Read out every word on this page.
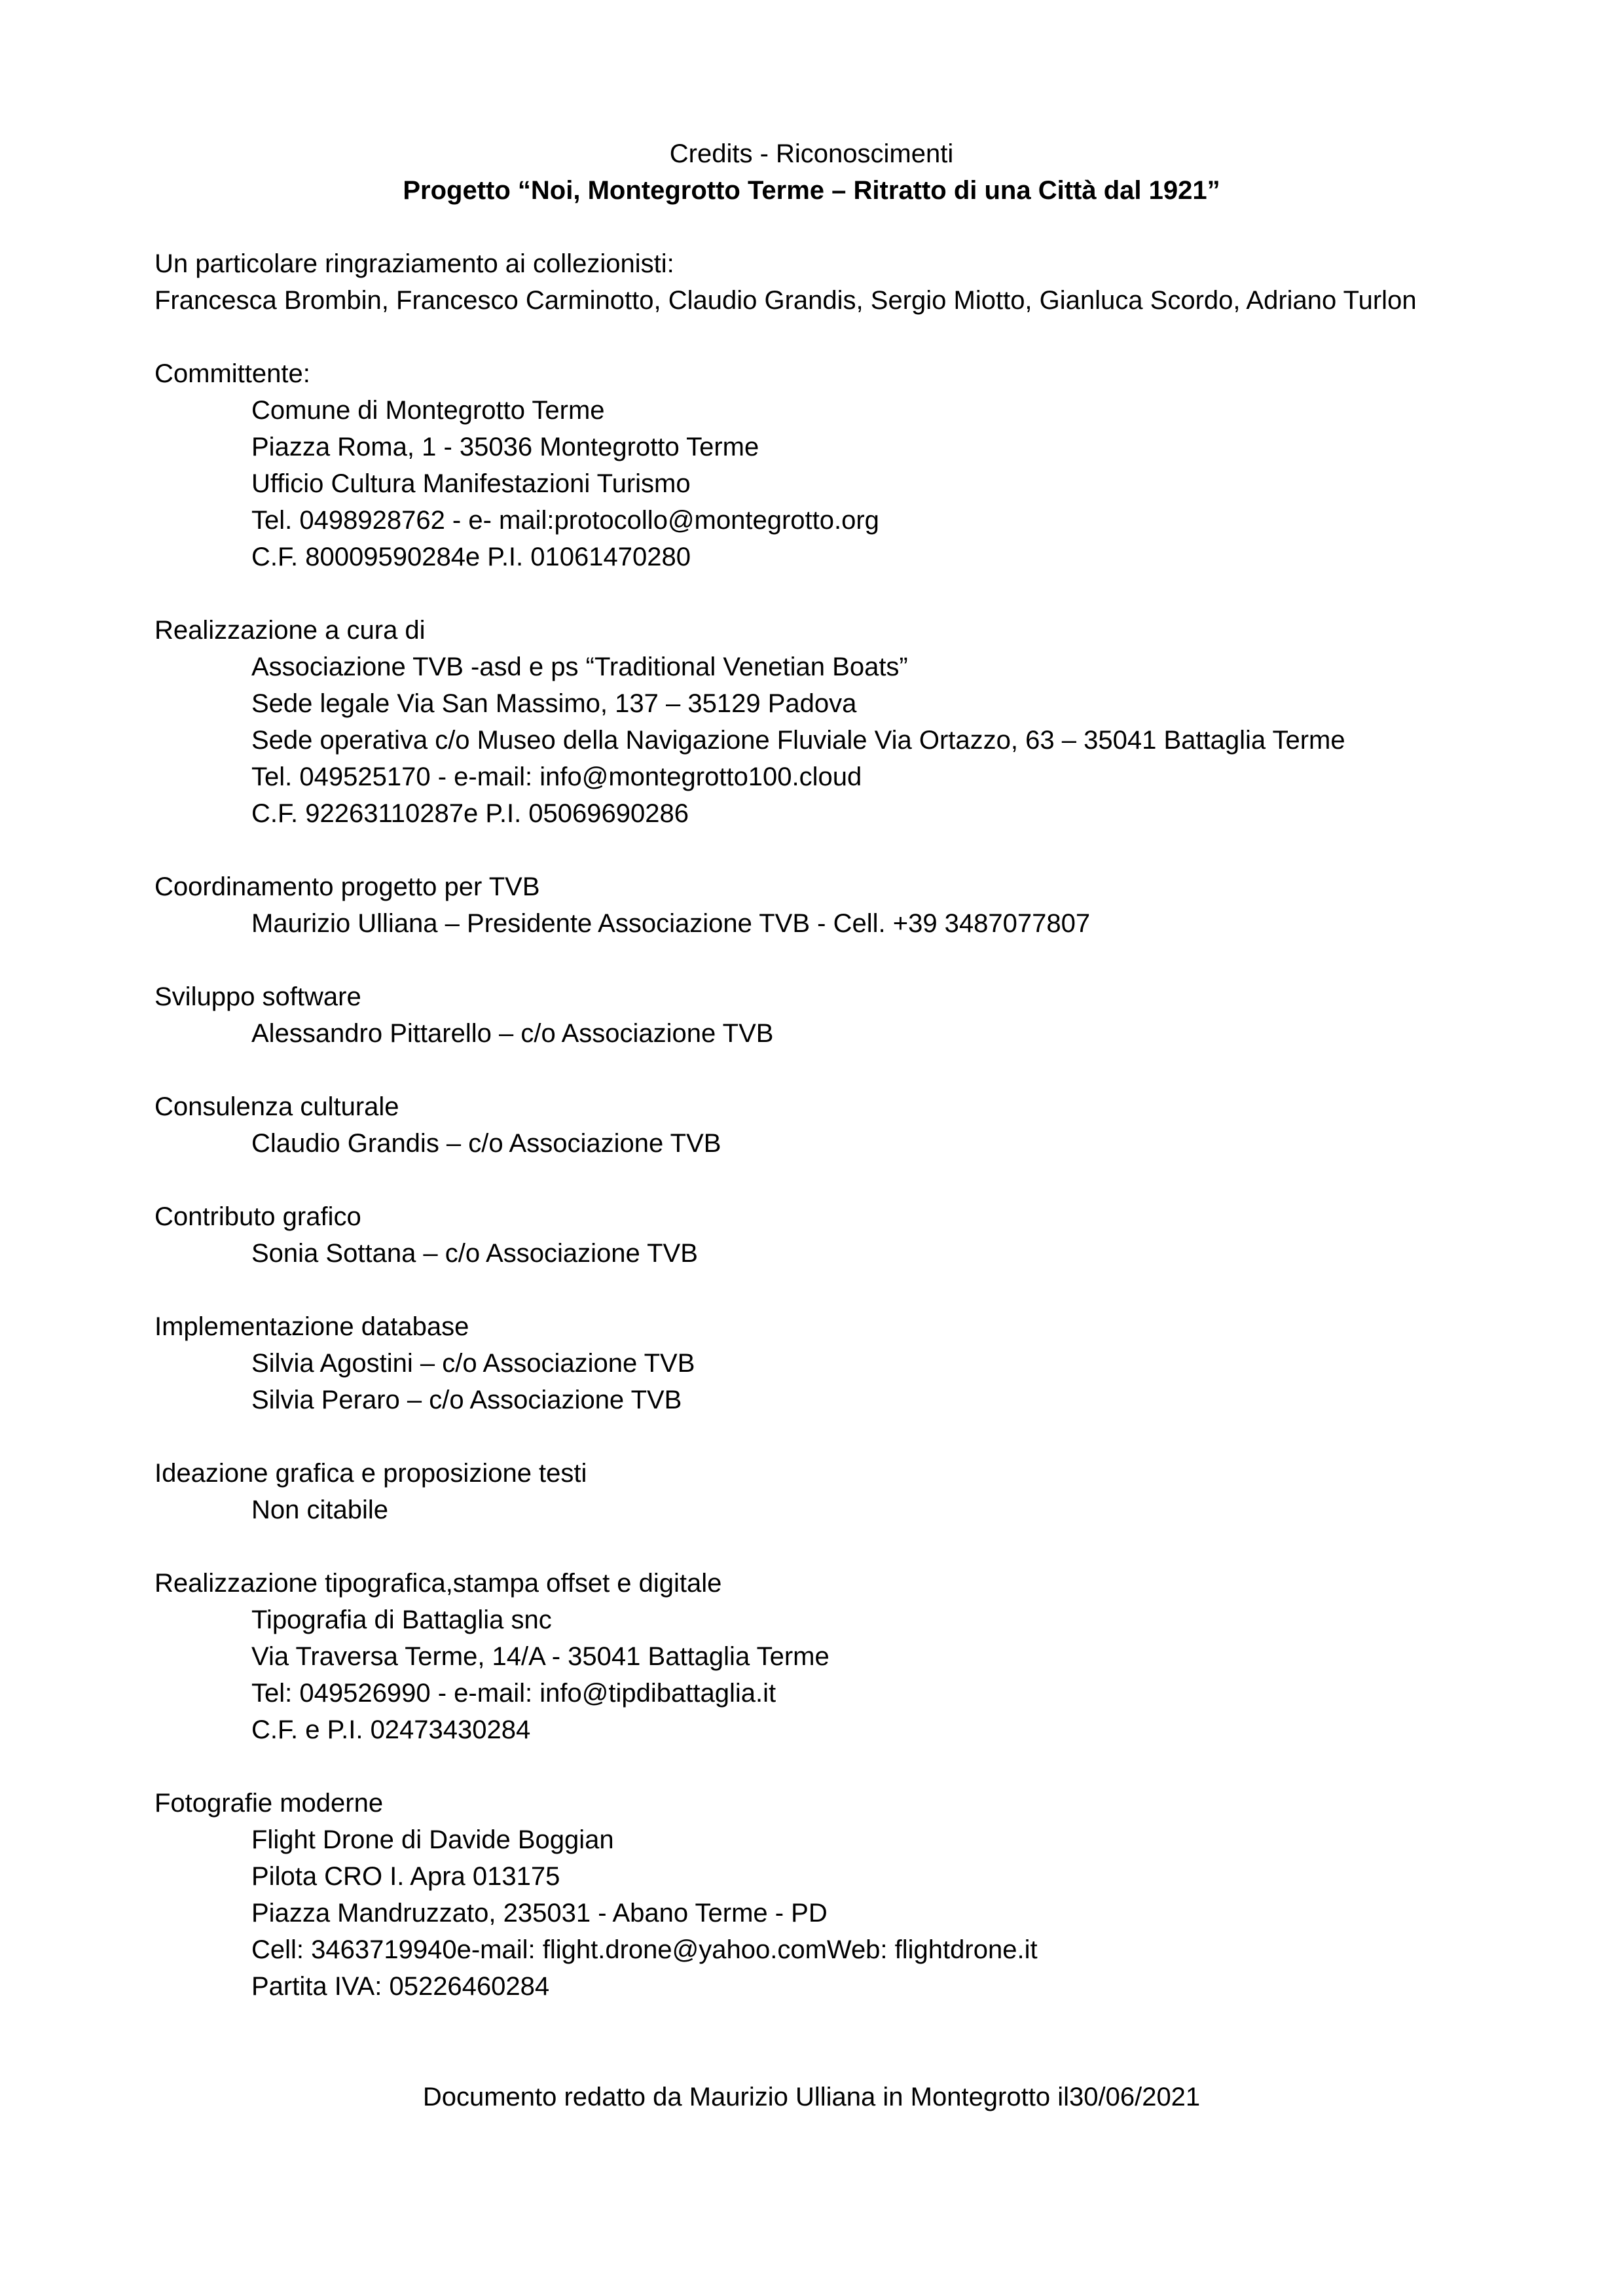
Credits - Riconoscimenti
Progetto “Noi, Montegrotto Terme – Ritratto di una Città dal 1921”
Un particolare ringraziamento ai collezionisti:
Francesca Brombin, Francesco Carminotto, Claudio Grandis, Sergio Miotto, Gianluca Scordo, Adriano Turlon
Committente:
Comune di Montegrotto Terme
Piazza Roma, 1 - 35036 Montegrotto Terme
Ufficio Cultura Manifestazioni Turismo
Tel. 0498928762 - e- mail:protocollo@montegrotto.org
C.F. 80009590284e P.I. 01061470280
Realizzazione a cura di
Associazione TVB -asd e ps “Traditional Venetian Boats”
Sede legale Via San Massimo, 137 – 35129 Padova
Sede operativa c/o Museo della Navigazione Fluviale Via Ortazzo, 63 – 35041 Battaglia Terme
Tel. 049525170 - e-mail: info@montegrotto100.cloud
C.F. 92263110287e P.I. 05069690286
Coordinamento progetto per TVB
Maurizio Ulliana – Presidente Associazione TVB - Cell. +39 3487077807
Sviluppo software
Alessandro Pittarello – c/o Associazione TVB
Consulenza culturale
Claudio Grandis – c/o Associazione TVB
Contributo grafico
Sonia Sottana – c/o Associazione TVB
Implementazione database
Silvia Agostini – c/o Associazione TVB
Silvia Peraro – c/o Associazione TVB
Ideazione grafica e proposizione testi
Non citabile
Realizzazione tipografica,stampa offset e digitale
Tipografia di Battaglia snc
Via Traversa Terme, 14/A - 35041 Battaglia Terme
Tel: 049526990 - e-mail: info@tipdibattaglia.it
C.F. e P.I. 02473430284
Fotografie moderne
Flight Drone di Davide Boggian
Pilota CRO I. Apra 013175
Piazza Mandruzzato, 235031 - Abano Terme - PD
Cell: 3463719940e-mail: flight.drone@yahoo.comWeb: flightdrone.it
Partita IVA: 05226460284
Documento redatto da Maurizio Ulliana in Montegrotto il30/06/2021
